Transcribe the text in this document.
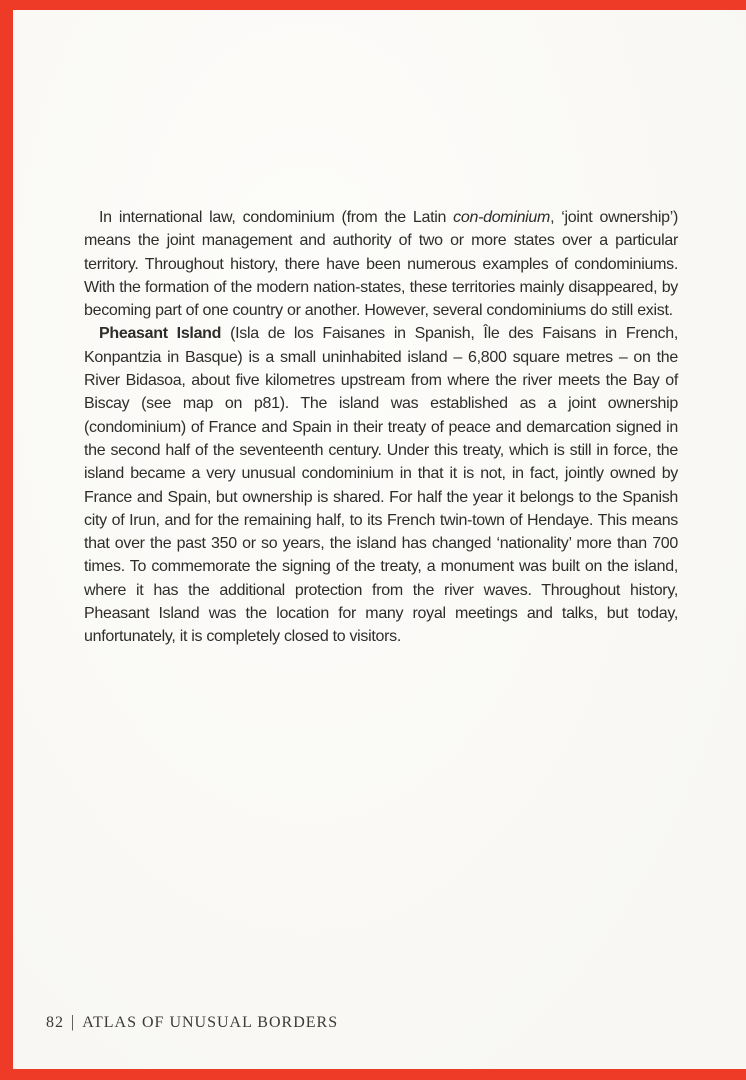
In international law, condominium (from the Latin con-dominium, ‘joint ownership’) means the joint management and authority of two or more states over a particular territory. Throughout history, there have been numerous examples of condominiums. With the formation of the modern nation-states, these territories mainly disappeared, by becoming part of one country or another. However, several condominiums do still exist.

Pheasant Island (Isla de los Faisanes in Spanish, Île des Faisans in French, Konpantzia in Basque) is a small uninhabited island – 6,800 square metres – on the River Bidasoa, about five kilometres upstream from where the river meets the Bay of Biscay (see map on p81). The island was established as a joint ownership (condominium) of France and Spain in their treaty of peace and demarcation signed in the second half of the seventeenth century. Under this treaty, which is still in force, the island became a very unusual condominium in that it is not, in fact, jointly owned by France and Spain, but ownership is shared. For half the year it belongs to the Spanish city of Irun, and for the remaining half, to its French twin-town of Hendaye. This means that over the past 350 or so years, the island has changed ‘nationality’ more than 700 times. To commemorate the signing of the treaty, a monument was built on the island, where it has the additional protection from the river waves. Throughout history, Pheasant Island was the location for many royal meetings and talks, but today, unfortunately, it is completely closed to visitors.

82 | ATLAS OF UNUSUAL BORDERS
